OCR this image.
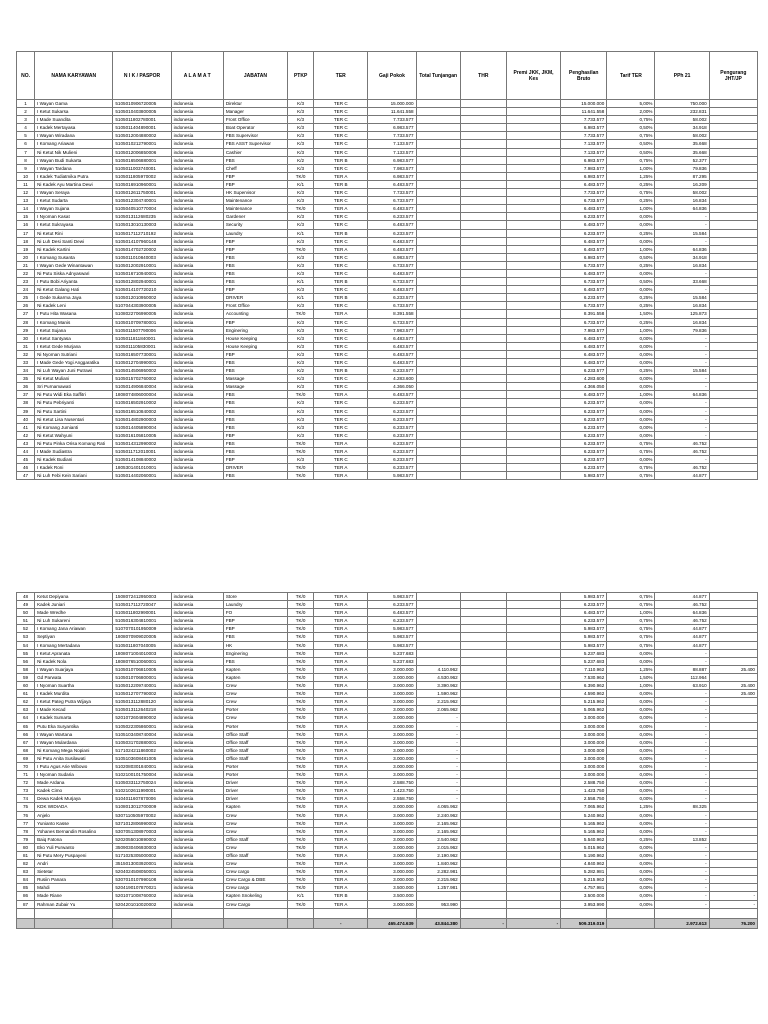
NO.	NAMA KARYAWAN	N I K / PASPOR	A L A M A T	JABATAN	PTKP	TER	Gaji Pokok	Total Tunjangan	THR	Premi JKK, JKM, Kes	Penghasilan Bruto	Tarif TER	PPh 21	Pengurang JHT/JP
1	I Wayan Gama	5105010906720005	indonesia	Direktur	K/3	TER C	15.000.000				15.000.000	5,00%	750.000	
2	I Ketut Sukarsa	5105010403800005	indonesia	Manager	K/3	TER C	11.641.558				11.641.558	2,00%	232.831	
3	I Made Suandita	5105011802780001	indonesia	Front Office	K/3	TER C	7.733.577				7.733.577	0,75%	58.002	
4	I Kadek Mertayasa	5105011404890001	indonesia	Boat Operator	K/3	TER C	6.983.577				6.983.577	0,50%	34.918	
5	I Wayan Wiradana	5105012004880002	indonesia	FBS Supervisor	K/3	TER C	7.733.577				7.733.577	0,75%	58.002	
6	I Komang Ariawan	5105010212790001	indonesia	FBS ASST Supervisor	K/3	TER C	7.133.577				7.133.577	0,50%	35.668	
7	Ni Ketut Nik Mulieni	5105012006850006	indonesia	Cashier	K/3	TER C	7.133.577				7.133.577	0,50%	35.668	
8	I Wayan Budi Sukarta	5105016506880001	indonesia	FBS	K/2	TER B	6.983.577				6.983.577	0,75%	52.377	
9	I Wayan Tardana	5105011003740001	indonesia	Cheff	K/3	TER C	7.983.577				7.983.577	1,00%	79.836	
10	I Kadek Tudiatmika Putra	5105011805970002	indonesia	FBP	TK/0	TER A	6.983.577				6.983.577	1,25%	87.295	
11	Ni Kadek Ayu Martina Dewi	5105016910960001	indonesia	FBP	K/1	TER B	6.483.577				6.483.577	0,25%	16.209	
12	I Wayan Seraya	5105012611750001	indonesia	HK Supervisor	K/3	TER C	7.733.577				7.733.577	0,75%	58.002	
13	I Ketut Sudarta	5105012304740001	indonesia	Maintenance	K/3	TER C	6.733.577				6.733.577	0,25%	16.834	
14	I Wayan Sujana	5105040510770004	indonesia	Maintenance	TK/0	TER A	6.483.577				6.483.577	1,00%	64.836	
15	I Nyoman Kasat	5105013112680235	indonesia	Gardener	K/3	TER C	6.233.577				6.233.577	0,00%	-	
16	I Ketut Sukrayasa	5105013010130003	indonesia	Security	K/3	TER C	6.483.577				6.483.577	0,00%	-	
17	Ni Ketut Rini	5105017112710192	indonesia	Laundry	K/1	TER B	6.233.577				6.233.577	0,25%	15.584	
18	Ni Luh Desi Santi Dewi	5105014107960148	indonesia	FBP	K/3	TER C	6.483.577				6.483.577	0,00%	-	
19	Ni Kadek Kartini	5105014702720002	indonesia	FBP	TK/0	TER A	6.483.577				6.483.577	1,00%	64.836	
20	I Komang Susanta	5105011010840003	indonesia	FBS	K/3	TER C	6.983.577				6.983.577	0,50%	34.918	
21	I Wayan Gede Winantawan	5105012002910001	indonesia	FBS	K/3	TER C	6.733.577				6.733.577	0,25%	16.834	
22	Ni Putu Siska Adnyaswari	5105016710940001	indonesia	FBS	K/3	TER C	6.483.577				6.483.577	0,00%	-	
23	I Putu Bobi Ariyanta	5105012802940001	indonesia	FBS	K/1	TER B	6.733.577				6.733.577	0,50%	33.668	
24	Ni Ketut Galang Hati	5105014107720210	indonesia	FBP	K/3	TER C	6.483.577				6.483.577	0,00%	-	
25	I Gede Sukarma Jaya	5105012010950002	indonesia	DRIVER	K/1	TER B	6.233.577				6.233.577	0,25%	15.584	
26	Ni Kadek Leni	5107044303900005	indonesia	Front Office	K/3	TER C	6.733.577				6.733.577	0,25%	16.834	
27	I Putu Hita Wasana	5108022706990005	indonesia	Accounting	TK/0	TER A	8.391.558				8.391.558	1,50%	125.873	
28	I Komang Manis	5105010709780001	indonesia	FBP	K/3	TER C	6.733.577				6.733.577	0,25%	16.834	
29	I Ketut Sujana	5105011507790006	indonesia	Enginering	K/3	TER C	7.983.577				7.983.577	1,00%	79.836	
30	I Ketut Santyasa	5105011811840001	indonesia	House Keeping	K/3	TER C	6.483.577				6.483.577	0,00%	-	
31	I Ketut Gede Murjana	5105011105830001	indonesia	House Keeping	K/3	TER C	6.483.577				6.483.577	0,00%	-	
32	Ni Nyoman Sutriani	5105016507730001	indonesia	FBP	K/3	TER C	6.483.577				6.483.577	0,00%	-	
33	I Made Gede Yogi Anggaratika	5105012704990001	indonesia	FBS	K/3	TER C	6.483.577				6.483.577	0,00%	-	
34	Ni Luh Wayan Juni Putrawi	5105014506950002	indonesia	FBS	K/2	TER B	6.233.577				6.233.577	0,25%	15.584	
35	Ni Ketut Muliani	5105015702760002	indonesia	Massage	K/3	TER C	4.283.600				4.283.600	0,00%	-	
36	Sri Purnamawati	5105014906840004	indonesia	Massage	K/3	TER C	4.366.050				4.366.050	0,00%	-	
37	Ni Putu Widi Eka Saffitri	1808074806000004	indonesia	FBS	TK/0	TER A	6.483.577				6.483.577	1,00%	64.836	
38	Ni Putu Pebriyanti	5105016502910002	indonesia	FBS	K/3	TER C	6.233.577				6.233.577	0,00%	-	
39	Ni Putu Sartini	5105016510840002	indonesia	FBS	K/3	TER C	6.233.577				6.233.577	0,00%	-	
40	Ni Ketut Lisa Nusentari	5105014802900003	indonesia	FBS	K/3	TER C	6.233.577				6.233.577	0,00%	-	
41	Ni Komang Jumianti	5105014405890004	indonesia	FBS	K/3	TER C	6.233.577				6.233.577	0,00%	-	
42	Ni Ketut Wahyuni	5105016105810005	indonesia	FBP	K/3	TER C	6.233.577				6.233.577	0,00%	-	
43	Ni Putu Pinka Orisa Komang Rati	5105014312990002	indonesia	FBS	TK/0	TER A	6.233.577				6.233.577	0,75%	46.752	
44	I Made Sudiastra	5105011712010001	indonesia	FBS	TK/0	TER A	6.233.577				6.233.577	0,75%	46.752	
45	Ni Kadek Budiani	5105014108840002	indonesia	FBP	K/3	TER C	6.233.577				6.233.577	0,00%	-	
46	I Kadek Roni	1805301401010001	indonesia	DRIVER	TK/0	TER A	6.233.577				6.233.577	0,75%	46.752	
47	Ni Luh Febi Kein Sariani	5105014402060001	indonesia	FBS	TK/0	TER A	5.983.577				5.983.577	0,75%	44.877	
48	Ketut Depiyana	1508072412950003	indonesia	Store	TK/0	TER A	5.983.577				5.983.577	0,75%	44.877	
49	Kadek Juniari	5105017112720047	indonesia	Laundry	TK/0	TER A	6.233.577				6.233.577	0,75%	46.752	
50	Made Wredhe	5105011802990001	indonesia	FO	TK/0	TER A	6.483.577				6.483.577	1,00%	64.836	
51	Ni Luh Sukareni	5105016304810001	indonesia	FBP	TK/0	TER A	6.233.577				6.233.577	0,75%	46.752	
52	I Komang Jana Ariawan	5107070101950009	indonesia	FBP	TK/0	TER A	5.983.577				5.983.577	0,75%	44.877	
53	Septiyan	1808070909020005	indonesia	FBS	TK/0	TER A	5.983.577				5.983.577	0,75%	44.877	
54	I Komang Mertadana	5105011807040005	indonesia	HK	TK/0	TER A	5.983.577				5.983.577	0,75%	44.877	
55	I Ketut Apranata	1808071004010003	indonesia	Enginering	TK/0	TER A	5.237.683				5.237.683	0,00%	-	
56	Ni Kadek Nola	1808076510060001	indonesia	FBS	TK/0	TER A	5.237.683				5.237.683	0,00%	-	
58	I Wayan Suarjaya	5105010706810005	indonesia	Kapten	TK/0	TER A	3.000.000	4.110.962			7.110.962	1,25%	88.887	25.400
59	Gd Parwata	5105010706800001	indonesia	Kapten	TK/0	TER A	3.000.000	4.530.962			7.530.962	1,50%	112.964	
60	I Nyoman Suartha	5105012209740001	indonesia	Crew	TK/0	TER A	3.000.000	3.390.962			6.390.962	1,00%	63.910	25.400
61	I Kadek Murdita	5105012707790002	indonesia	Crew	TK/0	TER A	3.000.000	1.590.962			4.590.962	0,00%	-	25.400
62	I Ketut Pateg Putra Wijaya	5105013112880120	indonesia	Crew	TK/0	TER A	3.000.000	2.215.962			5.215.962	0,00%	-	
63	I Made Kecad	5105013112640218	indonesia	Porter	TK/0	TER A	3.000.000	2.065.962			5.065.962	0,00%	-	
64	I Kadek Sumarta	5201072604890002	indonesia	Crew	TK/0	TER A	3.000.000	-			3.000.000	0,00%	-	
65	Putu Eka Suryantika	5105022305860001	indonesia	Porter	TK/0	TER A	3.000.000	-			3.000.000	0,00%	-	
66	I Wayan Wartana	5105103408740004	indonesia	Office Staff	TK/0	TER A	3.000.000	-			3.000.000	0,00%	-	
67	I Wayan Mulardana	5105031702880001	indonesia	Office Staff	TK/0	TER A	3.000.000	-			3.000.000	0,00%	-	
68	Ni Komang Mega Nopiani	5171024211860002	indonesia	Office Staff	TK/0	TER A	3.000.000	-			3.000.000	0,00%	-	
69	Ni Putu Anita Susilawati	5105103608481005	indonesia	Office Staff	TK/0	TER A	3.000.000	-			3.000.000	0,00%	-	
70	I Putu Agus Arie Wibowo	5102080301840001	indonesia	Porter	TK/0	TER A	3.000.000	-			3.000.000	0,00%	-	
71	I Nyoman Sudaria	5102100101750004	indonesia	Porter	TK/0	TER A	3.000.000	-			3.000.000	0,00%	-	
72	Made Ardana	5105033112750024	indonesia	Driver	TK/0	TER A	2.588.750	-			2.588.750	0,00%	-	
73	Kadek Cimo	5102102611990001	indonesia	Driver	TK/0	TER A	1.423.750	-			1.423.750	0,00%	-	
74	Dewa Kadek Murjaya	5104011607870006	indonesia	Driver	TK/0	TER A	2.558.750	-			2.558.750	0,00%	-	
75	KDK WIDIADA	5108013012700009	indonesia	Kapten	TK/0	TER A	3.000.000	4.065.962			7.065.962	1,25%	88.325	
76	Anjelo	5307110505970002	indonesia	Crew	TK/0	TER A	3.000.000	2.240.962			5.240.962	0,00%	-	
77	Yunianto Kasse	5371012806990002	indonesia	Crew	TK/0	TER A	3.000.000	2.165.962			5.165.962	0,00%	-	
78	Yohanes Bernandin Rosalino	5307051308970003	indonesia	Crew	TK/0	TER A	3.000.000	2.165.962			5.165.962	0,00%	-	
79	Baiq Fatona	5202055010890002	indonesia	Office Staff	TK/0	TER A	3.000.000	2.540.962			5.540.962	0,25%	13.852	
80	Eko Yuli Purwanto	3509030406930003	indonesia	Crew	TK/0	TER A	3.000.000	2.015.962			5.015.962	0,00%	-	
81	Ni Putu Mery Puspayeni	5171025305000002	indonesia	Office Staff	TK/0	TER A	3.000.000	2.190.962			5.190.962	0,00%	-	
82	Andri	3515013003920001	indonesia	Crew	TK/0	TER A	3.000.000	1.840.962			4.840.962	0,00%	-	
83	Sietetar	5204024508050001	indonesia	Crew cargo	TK/0	TER A	3.000.000	2.282.981			5.282.981	0,00%	-	
84	Rusiin Panara	5307010107990108	indonesia	Crew Cargo & DBE	TK/0	TER A	3.000.000	2.215.962			5.215.962	0,00%	-	
85	Mahdi	5204190107870021	indonesia	Crew cargo	TK/0	TER A	3.500.000	1.257.981			4.757.981	0,00%	-	
86	Made Riane	5201071008760002	indonesia	Kapten Snokeling	K/1	TER B	3.500.000				3.500.000	0,00%	-	-
87	Rahman Zubair Yu	5204201010020002	indonesia	Crew Cargo	TK/0	TER A	3.000.000	953.990			3.953.990	0,00%	-	-

						-	465.474.639	43.844.380	-	-	509.319.019		2.972.613	76.200
